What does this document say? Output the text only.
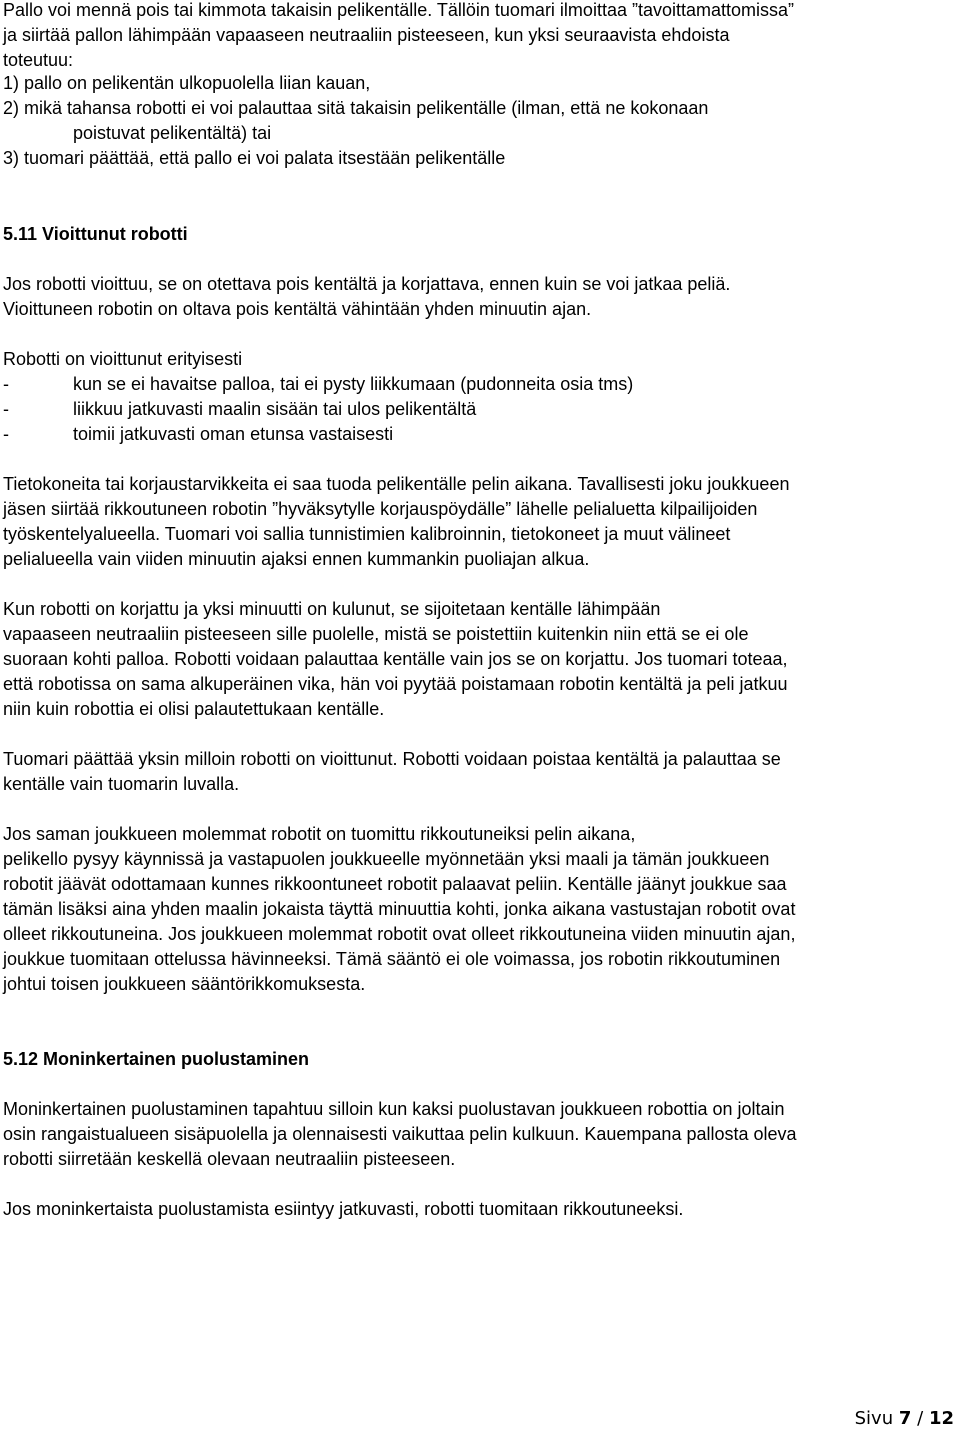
Pallo voi mennä pois tai kimmota takaisin pelikentälle. Tällöin tuomari ilmoittaa ”tavoittamattomissa”
ja siirtää pallon lähimpään vapaaseen neutraaliin pisteeseen, kun yksi seuraavista ehdoista
toteutuu:
1) pallo on pelikentän ulkopuolella liian kauan,
2) mikä tahansa robotti ei voi palauttaa sitä takaisin pelikentälle (ilman, että ne kokonaan
poistuvat pelikentältä) tai
3) tuomari päättää, että pallo ei voi palata itsestään pelikentälle
5.11 Vioittunut robotti
Jos robotti vioittuu, se on otettava pois kentältä ja korjattava, ennen kuin se voi jatkaa peliä.
Vioittuneen robotin on oltava pois kentältä vähintään yhden minuutin ajan.
Robotti on vioittunut erityisesti
-	kun se ei havaitse palloa, tai ei pysty liikkumaan (pudonneita osia tms)
-	liikkuu jatkuvasti maalin sisään tai ulos pelikentältä
-	toimii jatkuvasti oman etunsa vastaisesti
Tietokoneita tai korjaustarvikkeita ei saa tuoda pelikentälle pelin aikana. Tavallisesti joku joukkueen
jäsen siirtää rikkoutuneen robotin ”hyväksytylle korjauspöydälle” lähelle pelialuetta kilpailijoiden
työskentelyalueella. Tuomari voi sallia tunnistimien kalibroinnin, tietokoneet ja muut välineet
pelialueella vain viiden minuutin ajaksi ennen kummankin puoliajan alkua.
Kun robotti on korjattu ja yksi minuutti on kulunut, se sijoitetaan kentälle lähimpään
vapaaseen neutraaliin pisteeseen sille puolelle, mistä se poistettiin kuitenkin niin että se ei ole
suoraan kohti palloa. Robotti voidaan palauttaa kentälle vain jos se on korjattu. Jos tuomari toteaa,
että robotissa on sama alkuperäinen vika, hän voi pyytää poistamaan robotin kentältä ja peli jatkuu
niin kuin robottia ei olisi palautettukaan kentälle.
Tuomari päättää yksin milloin robotti on vioittunut. Robotti voidaan poistaa kentältä ja palauttaa se
kentälle vain tuomarin luvalla.
Jos saman joukkueen molemmat robotit on tuomittu rikkoutuneiksi pelin aikana,
pelikello pysyy käynnissä ja vastapuolen joukkueelle myönnetään yksi maali ja tämän joukkueen
robotit jäävät odottamaan kunnes rikkoontuneet robotit palaavat peliin. Kentälle jäänyt joukkue saa
tämän lisäksi aina yhden maalin jokaista täyttä minuuttia kohti, jonka aikana vastustajan robotit ovat
olleet rikkoutuneina. Jos joukkueen molemmat robotit ovat olleet rikkoutuneina viiden minuutin ajan,
joukkue tuomitaan ottelussa hävinneeksi. Tämä sääntö ei ole voimassa, jos robotin rikkoutuminen
johtui toisen joukkueen sääntörikkomuksesta.
5.12 Moninkertainen puolustaminen
Moninkertainen puolustaminen tapahtuu silloin kun kaksi puolustavan joukkueen robottia on joltain
osin rangaistualueen sisäpuolella ja olennaisesti vaikuttaa pelin kulkuun. Kauempana pallosta oleva
robotti siirretään keskellä olevaan neutraaliin pisteeseen.
Jos moninkertaista puolustamista esiintyy jatkuvasti, robotti tuomitaan rikkoutuneeksi.
Sivu 7 / 12
